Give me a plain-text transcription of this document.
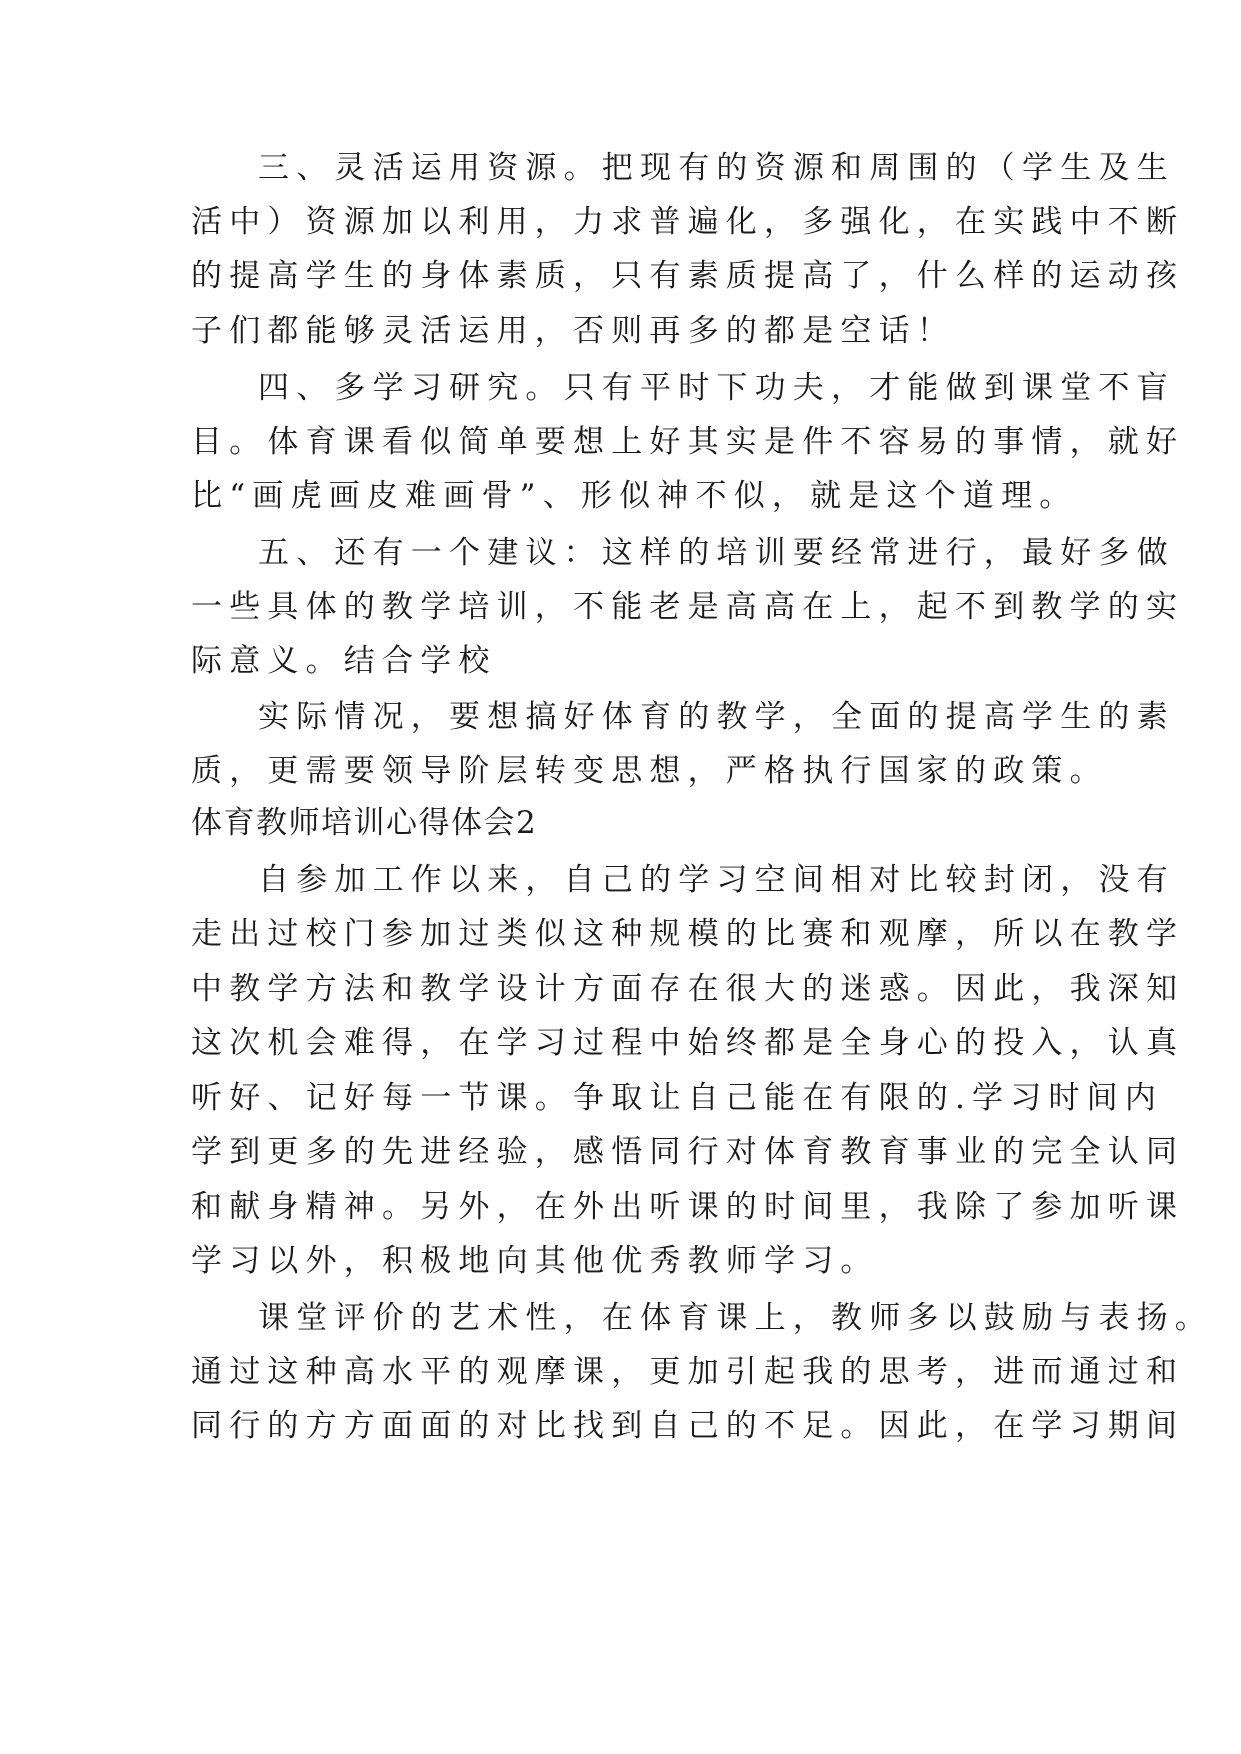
三、灵活运用资源。把现有的资源和周围的（学生及生

活中）资源加以利用，力求普遍化，多强化，在实践中不断

的提高学生的身体素质，只有素质提高了，什么样的运动孩

子们都能够灵活运用，否则再多的都是空话！

四、多学习研究。只有平时下功夫，才能做到课堂不盲

目。体育课看似简单要想上好其实是件不容易的事情，就好

比“画虎画皮难画骨”、形似神不似，就是这个道理。

五、还有一个建议：这样的培训要经常进行，最好多做

一些具体的教学培训，不能老是高高在上，起不到教学的实

际意义。结合学校

实际情况，要想搞好体育的教学，全面的提高学生的素

质，更需要领导阶层转变思想，严格执行国家的政策。

体育教师培训心得体会2

自参加工作以来，自己的学习空间相对比较封闭，没有

走出过校门参加过类似这种规模的比赛和观摩，所以在教学

中教学方法和教学设计方面存在很大的迷惑。因此，我深知

这次机会难得，在学习过程中始终都是全身心的投入，认真

听好、记好每一节课。争取让自己能在有限的.学习时间内

学到更多的先进经验，感悟同行对体育教育事业的完全认同

和献身精神。另外，在外出听课的时间里，我除了参加听课

学习以外，积极地向其他优秀教师学习。

课堂评价的艺术性，在体育课上，教师多以鼓励与表扬。

通过这种高水平的观摩课，更加引起我的思考，进而通过和

同行的方方面面的对比找到自己的不足。因此，在学习期间
